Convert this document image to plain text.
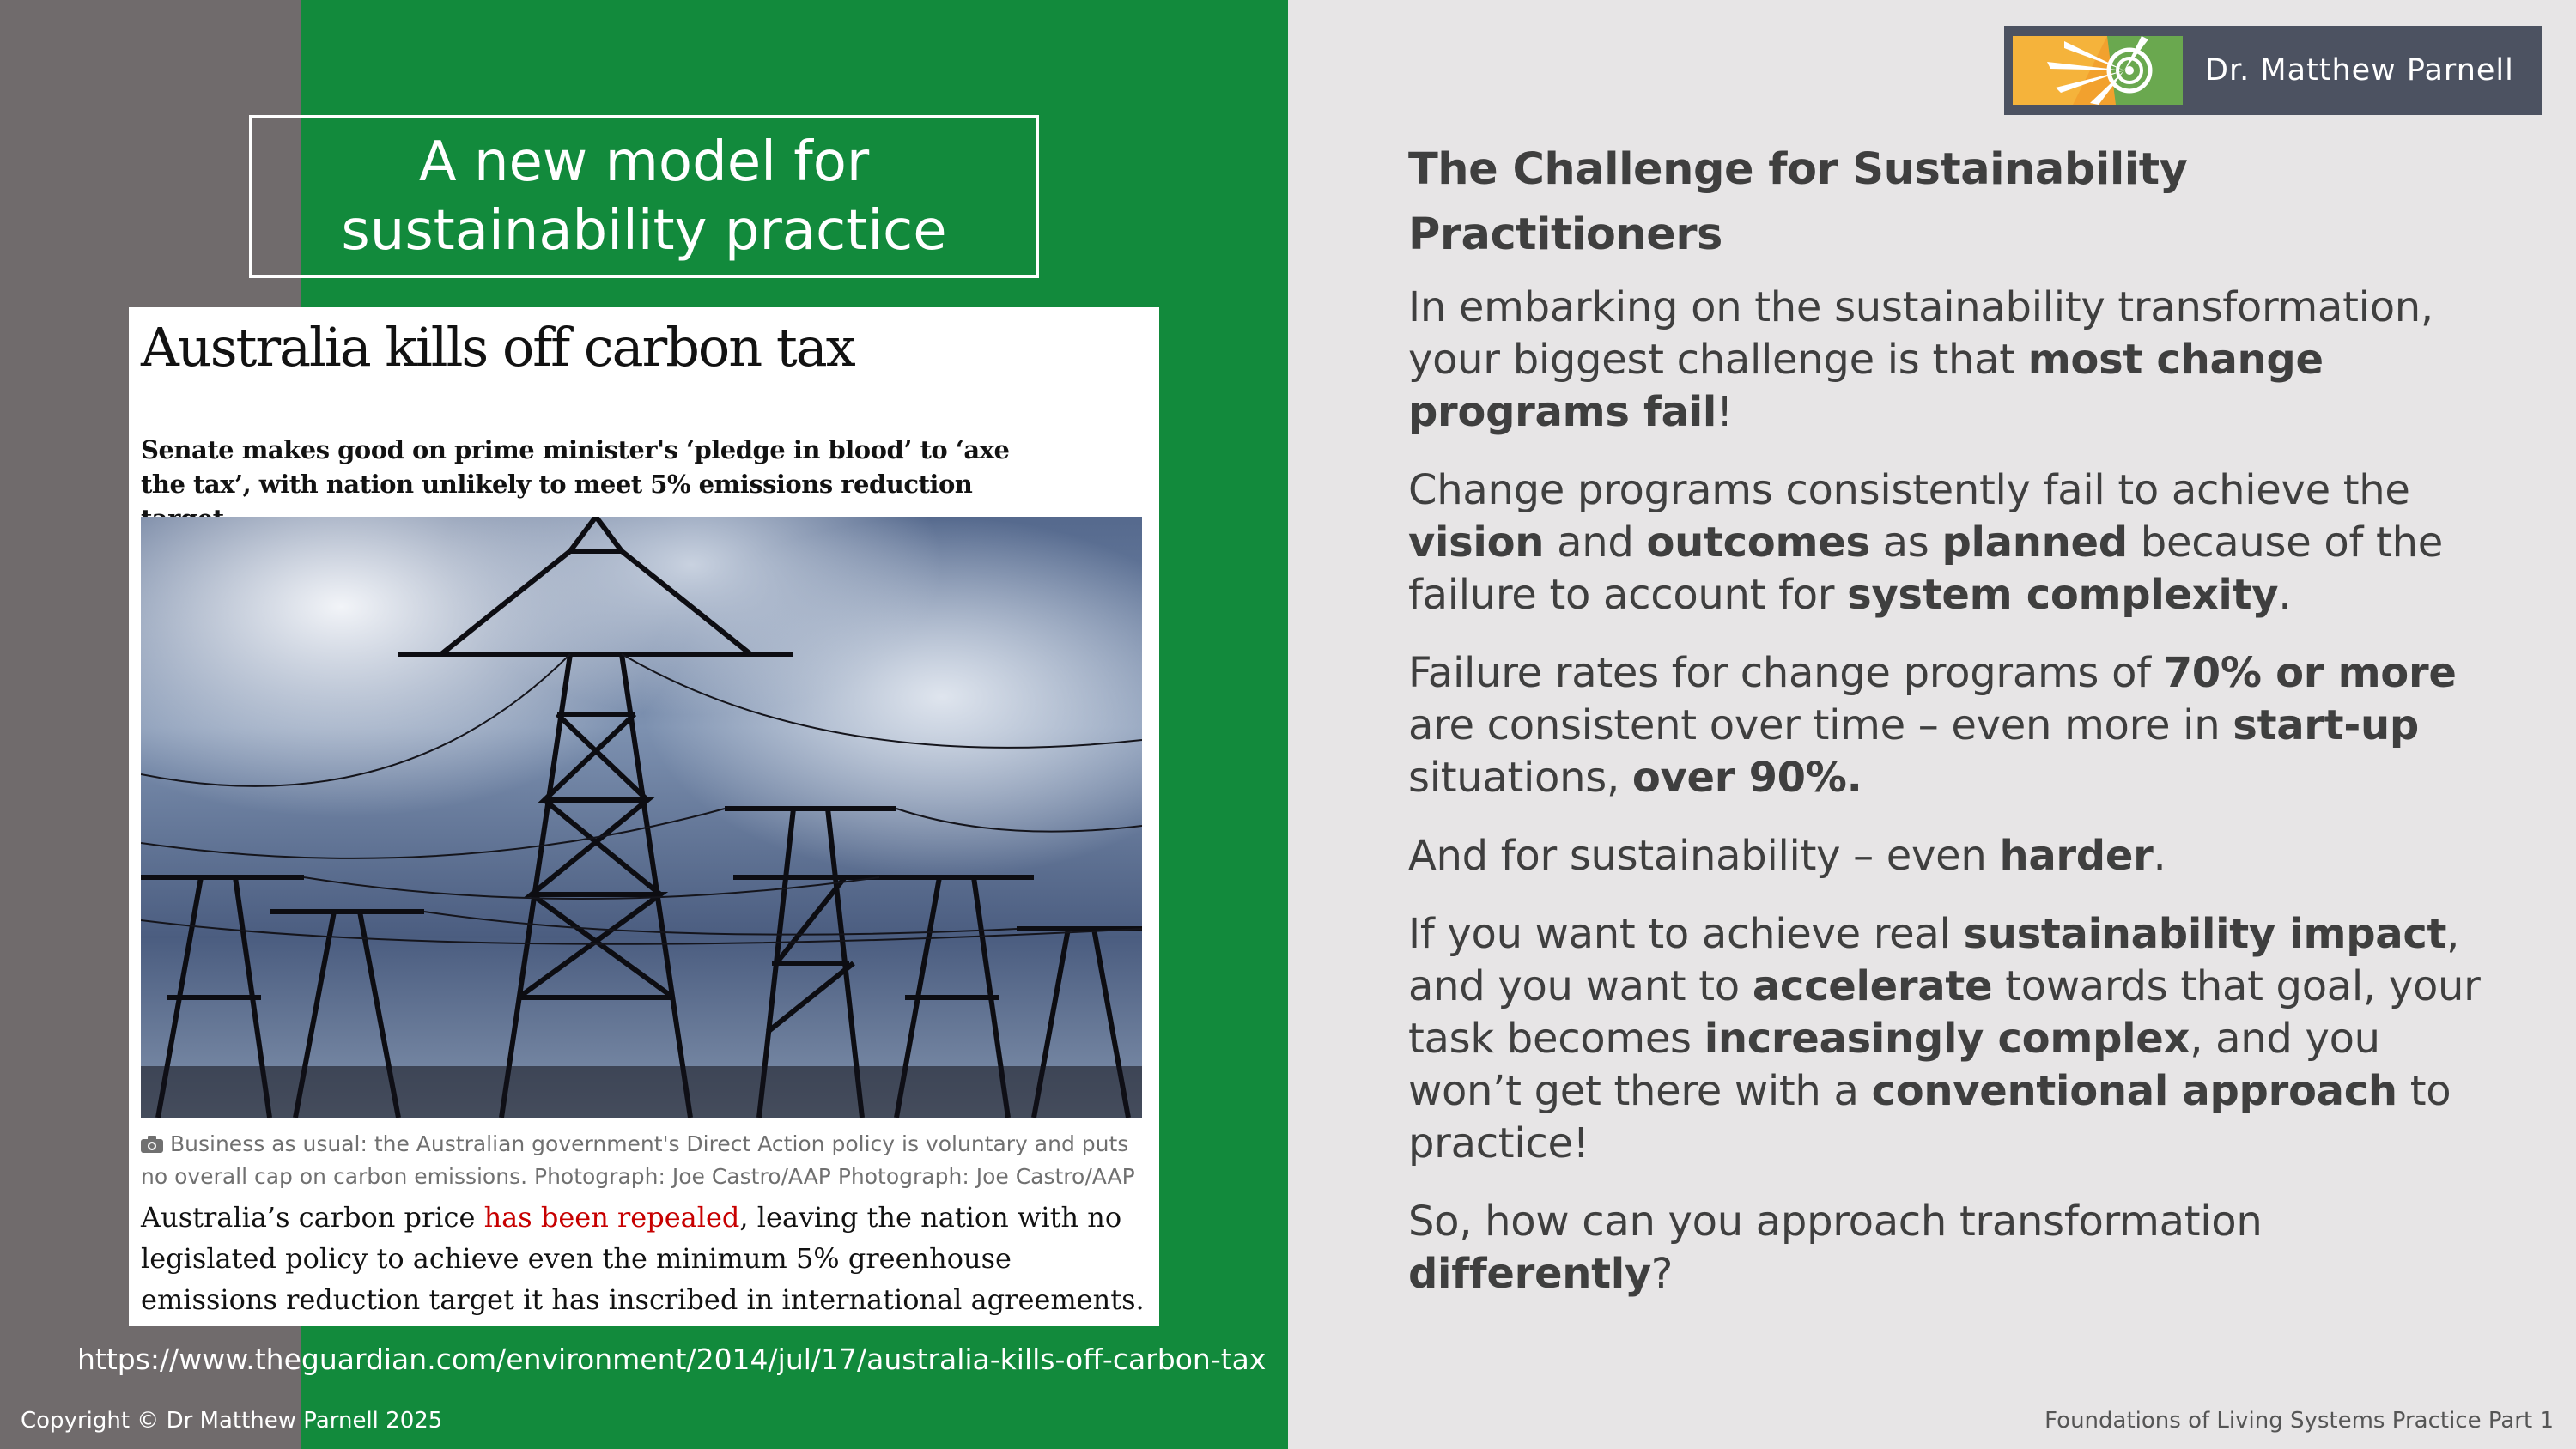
A new model for
sustainability practice
Australia kills off carbon tax
Senate makes good on prime minister's ‘pledge in blood’ to ‘axe the tax’, with nation unlikely to meet 5% emissions reduction
Business as usual: the Australian government's Direct Action policy is voluntary and puts no overall cap on carbon emissions. Photograph: Joe Castro/AAP Photograph: Joe Castro/AAP
Australia’s carbon price has been repealed, leaving the nation with no legislated policy to achieve even the minimum 5% greenhouse emissions reduction target it has inscribed in international agreements.
https://www.theguardian.com/environment/2014/jul/17/australia-kills-off-carbon-tax
Copyright © Dr Matthew Parnell 2025	Foundations of Living Systems Practice Part 1
Dr. Matthew Parnell
The Challenge for Sustainability Practitioners

In embarking on the sustainability transformation, your biggest challenge is that most change programs fail!

Change programs consistently fail to achieve the vision and outcomes as planned because of the failure to account for system complexity.

Failure rates for change programs of 70% or more are consistent over time – even more in start-up situations, over 90%.

And for sustainability – even harder.

If you want to achieve real sustainability impact, and you want to accelerate towards that goal, your task becomes increasingly complex, and you won’t get there with a conventional approach to practice!

So, how can you approach transformation differently?
